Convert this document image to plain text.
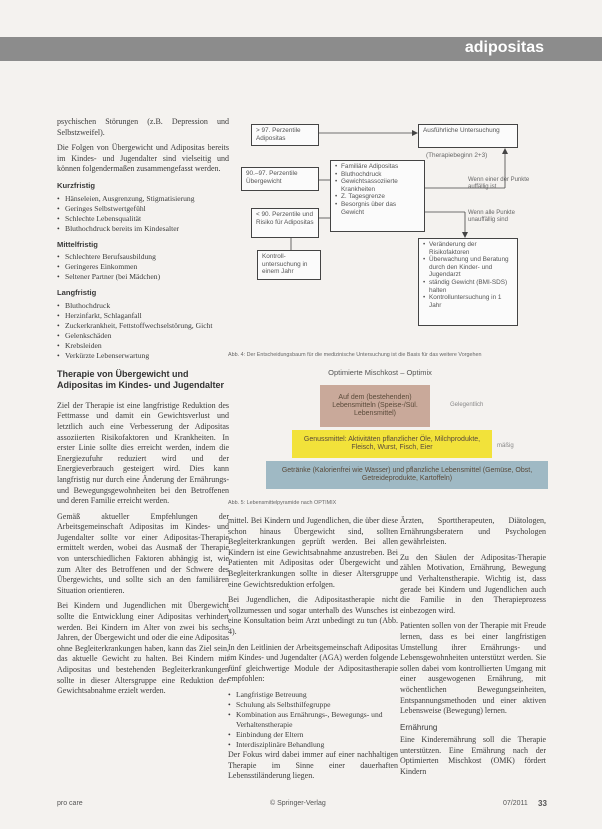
adipositas

psychischen Störungen (z.B. Depression und Selbstzweifel).

Die Folgen von Übergewicht und Adipositas bereits im Kindes- und Jugendalter sind vielseitig und können folgendermaßen zusammengefasst werden.

Kurzfristig
• Hänseleien, Ausgrenzung, Stigmatisierung
• Geringes Selbstwertgefühl
• Schlechte Lebensqualität
• Bluthochdruck bereits im Kindesalter
Mittelfristig
• Schlechtere Berufsausbildung
• Geringeres Einkommen
• Seltener Partner (bei Mädchen)
Langfristig
• Bluthochdruck
• Herzinfarkt, Schlaganfall
• Zuckerkrankheit, Fettstoffwechselstörung, Gicht
• Gelenkschäden
• Krebsleiden
• Verkürzte Lebenserwartung
Therapie von Übergewicht und Adipositas im Kindes- und Jugendalter

Ziel der Therapie ist eine langfristige Reduktion des Fettmasse und damit ein Gewichtsverlust und letztlich auch eine Verbesserung der Adipositas assoziierten Risikofaktoren und Krankheiten. In erster Linie sollte dies erreicht werden, indem die Energiezufuhr reduziert wird und der Energieverbrauch gesteigert wird. Dies kann langfristig nur durch eine Änderung der Ernährungs- und Bewegungsgewohnheiten bei den Betroffenen und deren Familie erreicht werden.

Gemäß aktueller Empfehlungen der Arbeitsgemeinschaft Adipositas im Kindes- und Jugendalter sollte vor einer Adipositas-Therapie ermittelt werden, wobei das Ausmaß der Therapie von unterschiedlichen Faktoren abhängig ist, wie zum Alter des Betroffenen und der Schwere des Übergewichts, und sollte sich an den familiären Situation orientieren.

Bei Kindern und Jugendlichen mit Übergewicht sollte die Entwicklung einer Adipositas verhindert werden. Bei Kindern im Alter von zwei bis sechs Jahren, der Übergewicht und oder die eine Adipositas ohne Begleiterkrankungen haben, kann das Ziel sein, das aktuelle Gewicht zu halten. Bei Kindern mit Adipositas und bestehenden Begleiterkrankungen sollte in dieser Altersgruppe eine Reduktion der Gewichtsabnahme erzielt werden.

> 97. Perzentile Adipositas
90.–97. Perzentile Übergewicht
< 90. Perzentile und Risiko für Adipositas
Kontroll-untersuchung in einem Jahr
• Familiäre Adipositas
• Bluthochdruck
• Gewichtsassoziierte Krankheiten
• Z. Tagesgrenze
• Besorgnis über das Gewicht
Ausführliche Untersuchung
(Therapiebeginn 2+3)
Wenn einer der Punkte auffällig ist
Wenn alle Punkte unauffällig sind
• Veränderung der Risikofaktoren
• Überwachung und Beratung durch den Kinder- und Jugendarzt
• ständig Gewicht (BMI-SDS) halten
• Kontrolluntersuchung in 1 Jahr
Abb. 4: Der Entscheidungsbaum für die medizinische Untersuchung ist die Basis für das weitere Vorgehen
Optimierte Mischkost – Optimix
Auf dem (bestehenden) Lebensmitteln (Speise-/Sül. Lebensmittel)
Gelegentlich
Genussmittel: Aktivitäten pflanzlicher Öle, Milchprodukte, Fleisch, Wurst, Fisch, Eier	mäßig
Getränke (Kalorienfrei wie Wasser) und pflanzliche Lebensmittel (Gemüse, Obst, Getreideprodukte, Kartoffeln)
Abb. 5: Lebensmittelpyramide nach OPTIMIX

mittel. Bei Kindern und Jugendlichen, die über diese schon hinaus Übergewicht sind, sollten Begleiterkrankungen geprüft werden. Bei allen Kindern ist eine Gewichtsabnahme anzustreben. Bei Patienten mit Adipositas oder Übergewicht und Begleiterkrankungen sollte in dieser Altersgruppe eine Gewichtsreduktion erfolgen.

Bei Jugendlichen, die Adipositastherapie nicht vollzumessen und sogar unterhalb des Wunsches ist eine Konsultation beim Arzt unbedingt zu tun (Abb. 4).

In den Leitlinien der Arbeitsgemeinschaft Adipositas im Kindes- und Jugendalter (AGA) werden folgende fünf gleichwertige Module der Adipositastherapie empfohlen:

• Langfristige Betreuung
• Schulung als Selbsthilfegruppe
• Kombination aus Ernährungs-, Bewegungs- und Verhaltenstherapie
• Einbindung der Eltern
• Interdisziplinäre Behandlung

Der Fokus wird dabei immer auf einer nachhaltigen Therapie im Sinne einer dauerhaften Lebensstiländerung liegen.

Ärzten, Sporttherapeuten, Diätologen, Ernährungsberatern und Psychologen gewährleisten.

Zu den Säulen der Adipositas-Therapie zählen Motivation, Ernährung, Bewegung und Verhaltenstherapie. Wichtig ist, dass gerade bei Kindern und Jugendlichen auch die Familie in den Therapieprozess einbezogen wird.

Patienten sollen von der Therapie mit Freude lernen, dass es bei einer langfristigen Umstellung ihrer Ernährungs- und Lebensgewohnheiten unterstützt werden. Sie sollen dabei vom kontrollierten Umgang mit einer ausgewogenen Ernährung, mit wöchentlichen Bewegungseinheiten, Entspannungsmethoden und einer aktiven Lebensweise (Bewegung) lernen.

Ernährung

Eine Kinderernährung soll die Therapie unterstützen. Eine Ernährung nach der Optimierten Mischkost (OMK) fördert Kindern

pro care	© Springer-Verlag	07/2011 33
